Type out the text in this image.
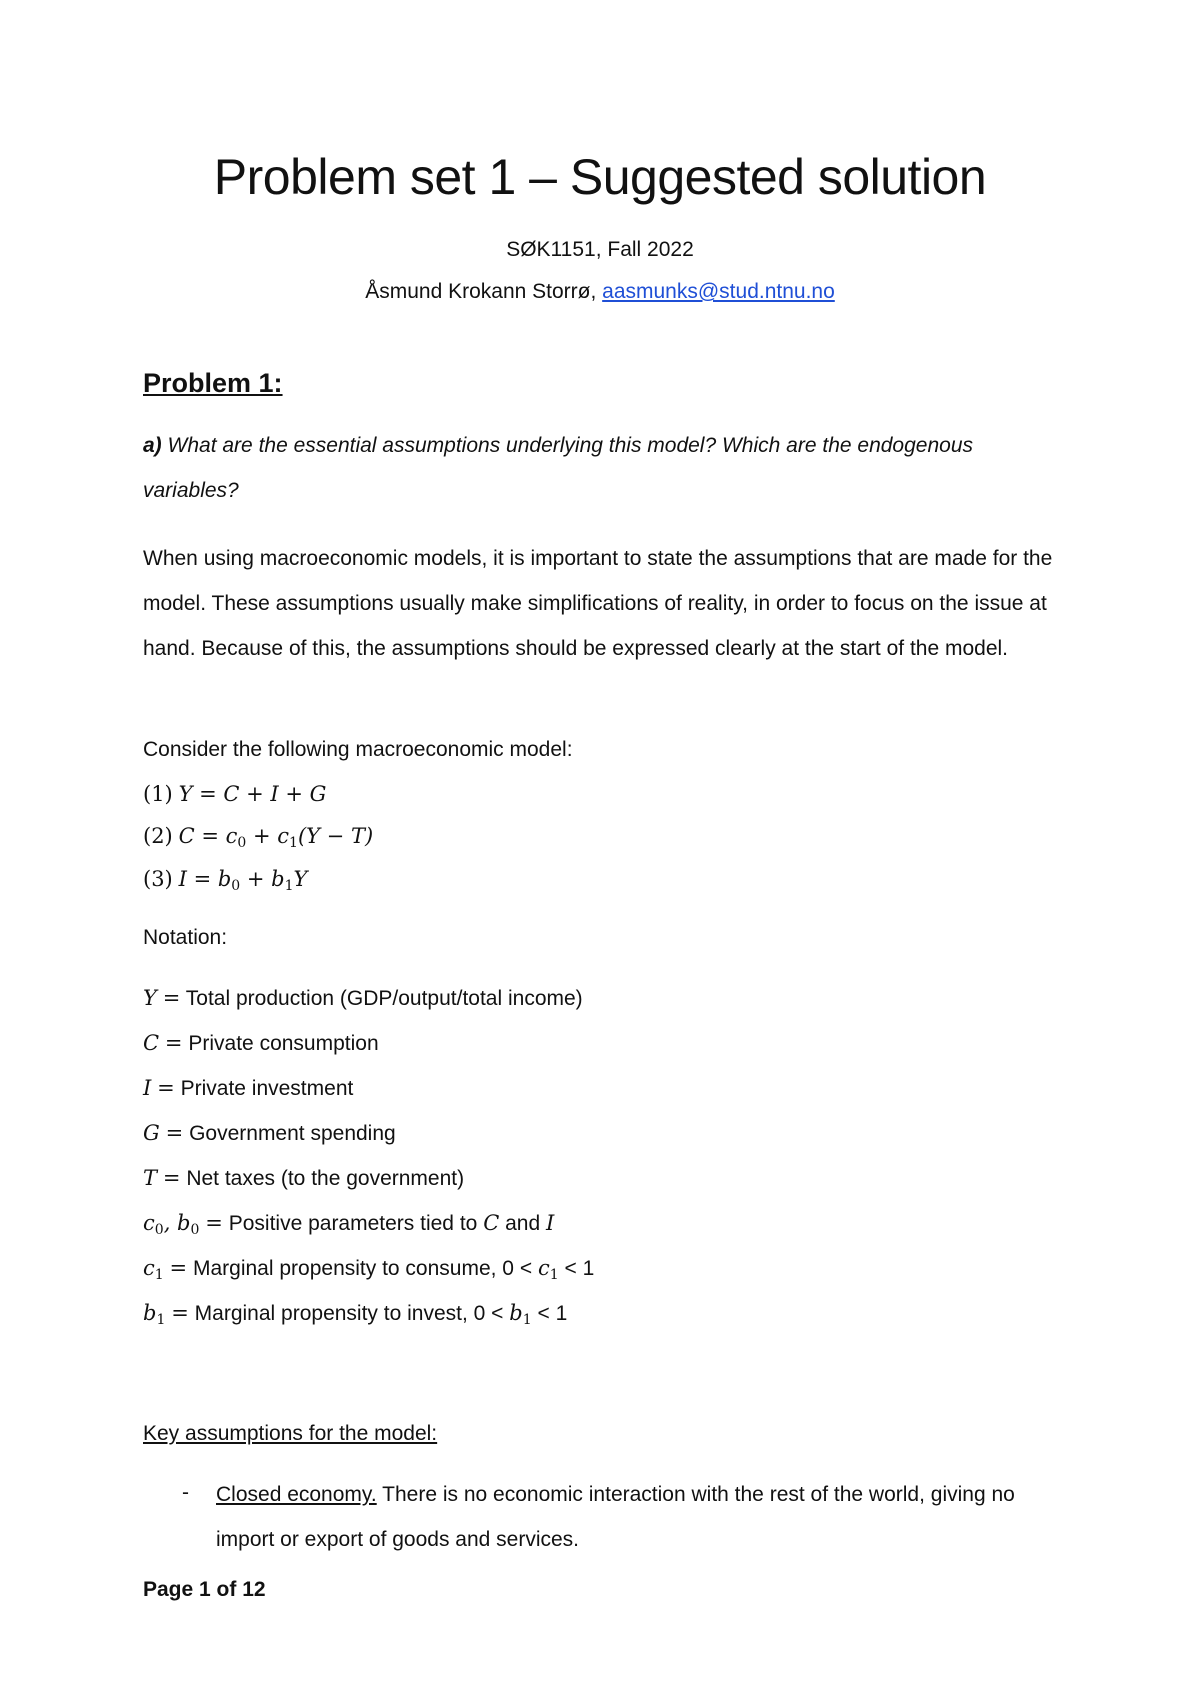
Problem set 1 – Suggested solution
SØK1151, Fall 2022
Åsmund Krokann Storrø, aasmunks@stud.ntnu.no
Problem 1:
a) What are the essential assumptions underlying this model? Which are the endogenous
variables?
When using macroeconomic models, it is important to state the assumptions that are made for the model. These assumptions usually make simplifications of reality, in order to focus on the issue at hand. Because of this, the assumptions should be expressed clearly at the start of the model.
Consider the following macroeconomic model:
(1) Y = C + I + G
(2) $C = c_0 + c_1(Y - T)$
(3) $I = b_0 + b_1Y$
Notation:
Y = Total production (GDP/output/total income)
C = Private consumption
I = Private investment
G = Government spending
T = Net taxes (to the government)
$c_0$, $b_0$ = Positive parameters tied to C and I
$c_1$ = Marginal propensity to consume, $0 < c_1 < 1$
$b_1$ = Marginal propensity to invest, $0 < b_1 < 1$
Key assumptions for the model:
- Closed economy. There is no economic interaction with the rest of the world, giving no import or export of goods and services.
Page 1 of 12
